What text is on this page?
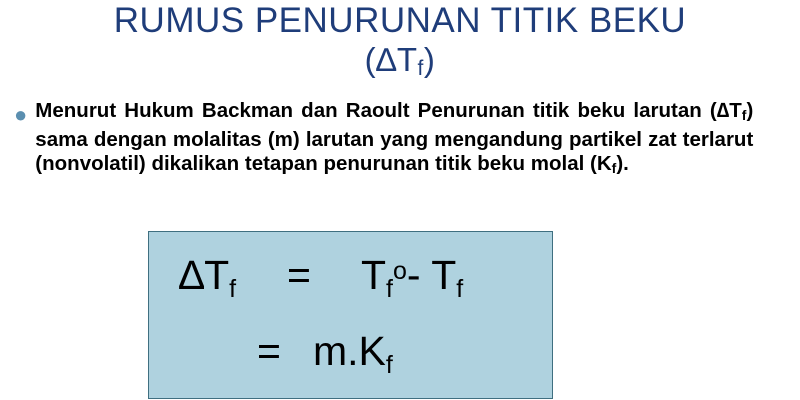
RUMUS PENURUNAN TITIK BEKU
(∆Tf)
● Menurut Hukum Backman dan Raoult Penurunan titik beku larutan $(\Delta T_f)$ sama dengan molalitas (m) larutan yang mengandung partikel zat terlarut (nonvolatil) dikalikan tetapan penurunan titik beku molal $(K_f)$.
$\Delta T_f$	=	$T_f^o-$ $T_f$
= $m.K_f$
